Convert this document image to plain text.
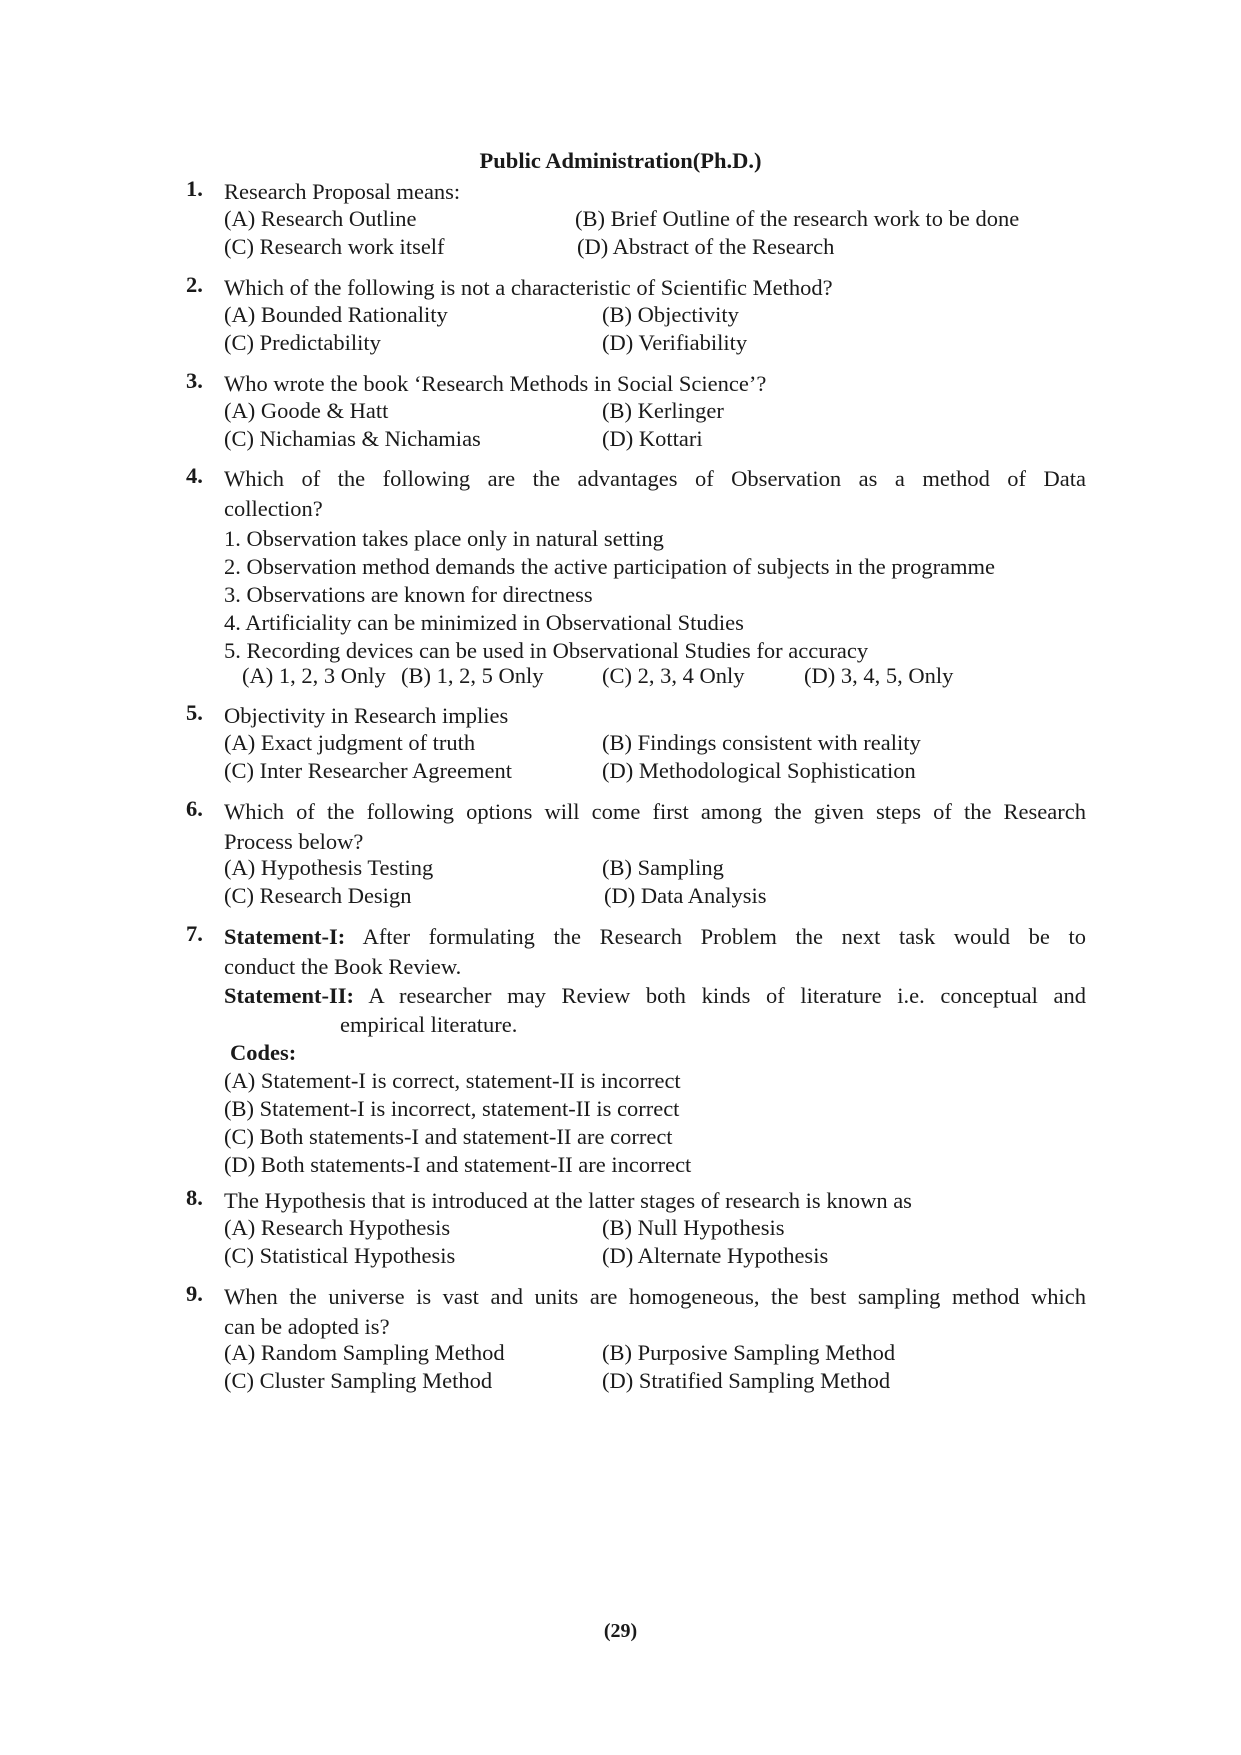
Public Administration(Ph.D.)
1. Research Proposal means:
(A) Research Outline	(B) Brief Outline of the research work to be done
(C) Research work itself	(D) Abstract of the Research
2. Which of the following is not a characteristic of Scientific Method?
(A) Bounded Rationality	(B) Objectivity
(C) Predictability	(D) Verifiability
3. Who wrote the book ‘Research Methods in Social Science’?
(A) Goode & Hatt	(B) Kerlinger
(C) Nichamias & Nichamias	(D) Kottari
4. Which of the following are the advantages of Observation as a method of Data
collection?
1. Observation takes place only in natural setting
2. Observation method demands the active participation of subjects in the programme
3. Observations are known for directness
4. Artificiality can be minimized in Observational Studies
5. Recording devices can be used in Observational Studies for accuracy
(A) 1, 2, 3 Only (B) 1, 2, 5 Only	(C) 2, 3, 4 Only	(D) 3, 4, 5, Only
5. Objectivity in Research implies
(A) Exact judgment of truth	(B) Findings consistent with reality
(C) Inter Researcher Agreement	(D) Methodological Sophistication
6. Which of the following options will come first among the given steps of the Research
Process below?
(A) Hypothesis Testing	(B) Sampling
(C) Research Design	(D) Data Analysis
7. Statement-I: After formulating the Research Problem the next task would be to
conduct the Book Review.
Statement-II: A researcher may Review both kinds of literature i.e. conceptual and
empirical literature.
Codes:
(A) Statement-I is correct, statement-II is incorrect
(B) Statement-I is incorrect, statement-II is correct
(C) Both statements-I and statement-II are correct
(D) Both statements-I and statement-II are incorrect
8. The Hypothesis that is introduced at the latter stages of research is known as
(A) Research Hypothesis	(B) Null Hypothesis
(C) Statistical Hypothesis	(D) Alternate Hypothesis
9. When the universe is vast and units are homogeneous, the best sampling method which
can be adopted is?
(A) Random Sampling Method	(B) Purposive Sampling Method
(C) Cluster Sampling Method	(D) Stratified Sampling Method
(29)
